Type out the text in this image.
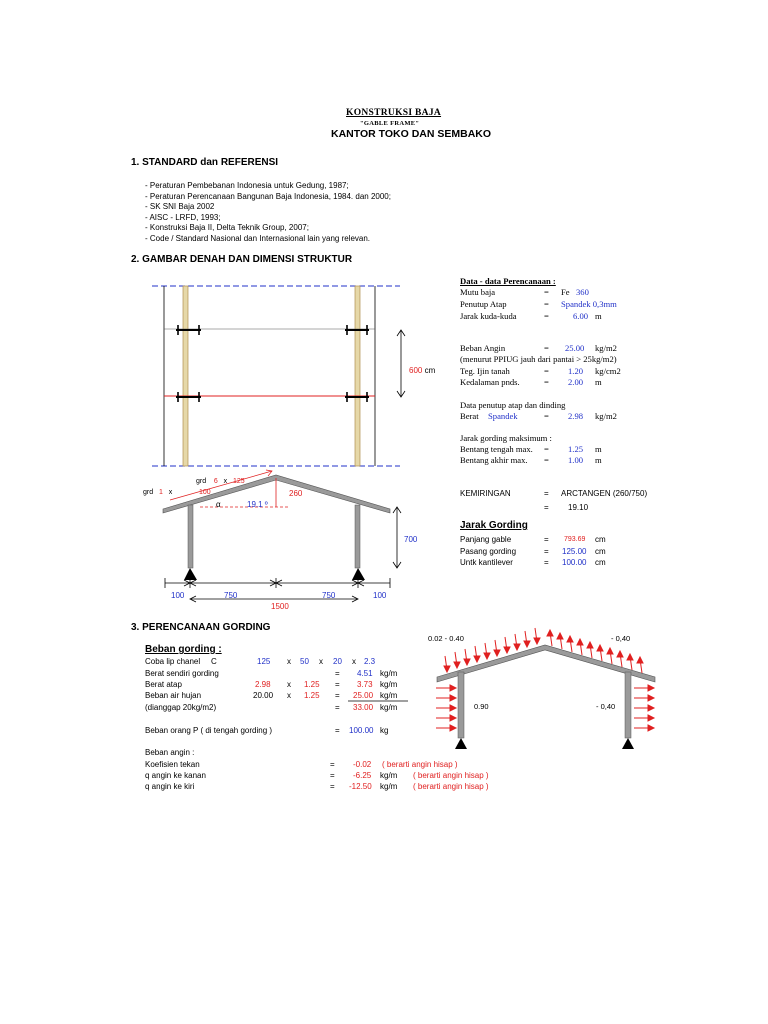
KONSTRUKSI BAJA
"GABLE FRAME"
KANTOR TOKO DAN SEMBAKO
1. STANDARD dan REFERENSI
- Peraturan Pembebanan Indonesia untuk Gedung, 1987;
- Peraturan Perencanaan Bangunan Baja Indonesia, 1984. dan 2000;
- SK SNI Baja 2002
- AISC - LRFD, 1993;
- Konstruksi Baja II, Delta Teknik Group, 2007;
- Code / Standard Nasional dan Internasional lain yang relevan.
2. GAMBAR DENAH DAN DIMENSI STRUKTUR
600 cm
Data - data Perencanaan :
Mutu baja	= Fe 360
Penutup Atap	= Spandek 0,3mm
Jarak kuda-kuda	=	6.00 m
Beban Angin	= 25.00 kg/m2
(menurut PPIUG jauh dari pantai > 25kg/m2)
Teg. Ijin tanah	= 1.20 kg/cm2
Kedalaman pnds.	= 2.00 m
Data penutup atap dan dinding
Berat Spandek	= 2.98 kg/m2
Jarak gording maksimum :
Bentang tengah max. = 1.25 m
Bentang akhir max. = 1.00 m
grd 1 x	100
grd 6 x 125
α	19.1 º
260
700
100	750	750	100
1500
KEMIRINGAN	= ARCTANGEN (260/750)
= 19.10
Jarak Gording
Panjang gable	= 793.69 cm
Pasang gording	= 125.00 cm
Untk kantilever	= 100.00 cm
3. PERENCANAAN GORDING
Beban gording :
Coba lip chanel C	125 x 50 x 20 x 2.3
Berat sendiri gording	= 4.51 kg/m
Berat atap	2.98 x 1.25 = 3.73 kg/m
Beban air hujan	20.00 x 1.25 = 25.00 kg/m
(dianggap 20kg/m2)	= 33.00 kg/m
Beban orang P ( di tengah gording )	= 100.00 kg
Beban angin :
Koefisien tekan	= -0.02 ( berarti angin hisap )
q angin ke kanan	= -6.25 kg/m ( berarti angin hisap )
q angin ke kiri	= -12.50 kg/m ( berarti angin hisap )
0.02 - 0.40	- 0,40
0.90	- 0,40
